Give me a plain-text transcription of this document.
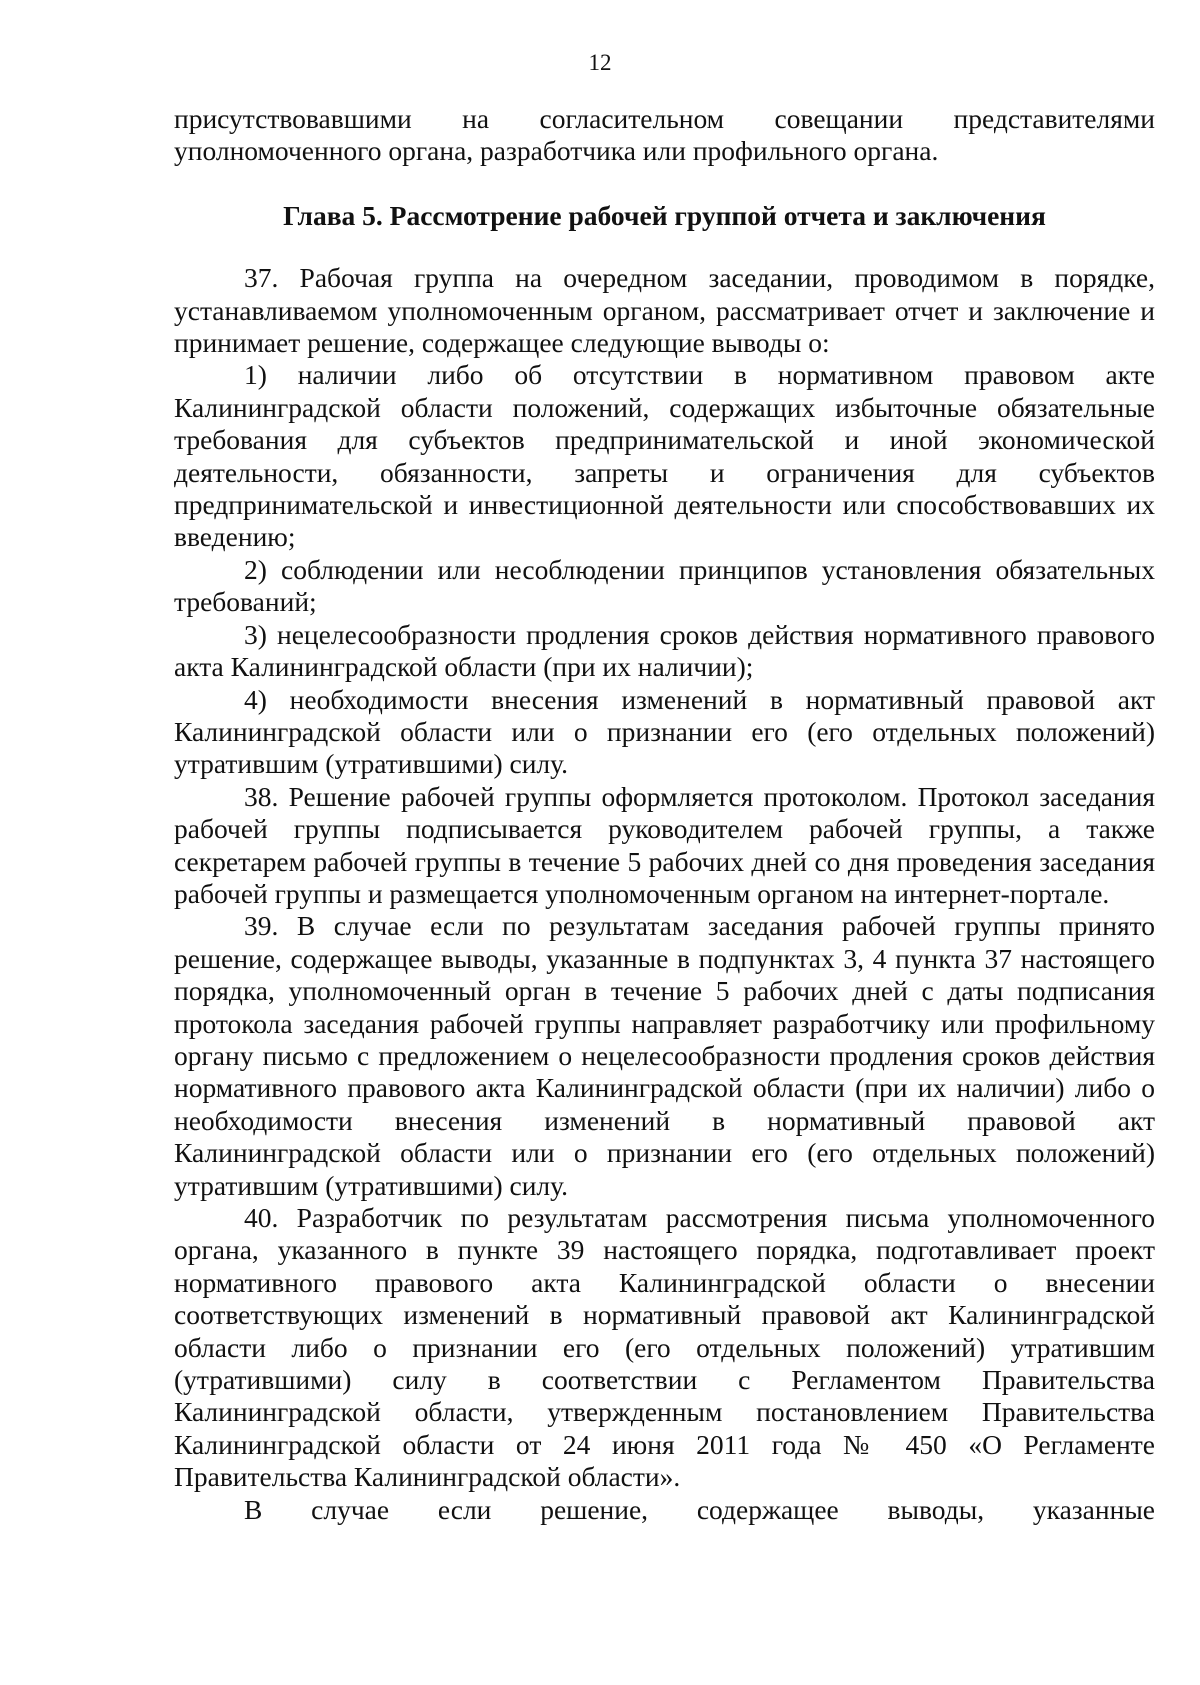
12

присутствовавшими на согласительном совещании представителями уполномоченного органа, разработчика или профильного органа.

Глава 5. Рассмотрение рабочей группой отчета и заключения

37. Рабочая группа на очередном заседании, проводимом в порядке, устанавливаемом уполномоченным органом, рассматривает отчет и заключение и принимает решение, содержащее следующие выводы о:

1) наличии либо об отсутствии в нормативном правовом акте Калининградской области положений, содержащих избыточные обязательные требования для субъектов предпринимательской и иной экономической деятельности, обязанности, запреты и ограничения для субъектов предпринимательской и инвестиционной деятельности или способствовавших их введению;

2) соблюдении или несоблюдении принципов установления обязательных требований;

3) нецелесообразности продления сроков действия нормативного правового акта Калининградской области (при их наличии);

4) необходимости внесения изменений в нормативный правовой акт Калининградской области или о признании его (его отдельных положений) утратившим (утратившими) силу.

38. Решение рабочей группы оформляется протоколом. Протокол заседания рабочей группы подписывается руководителем рабочей группы, а также секретарем рабочей группы в течение 5 рабочих дней со дня проведения заседания рабочей группы и размещается уполномоченным органом на интернет-портале.

39. В случае если по результатам заседания рабочей группы принято решение, содержащее выводы, указанные в подпунктах 3, 4 пункта 37 настоящего порядка, уполномоченный орган в течение 5 рабочих дней с даты подписания протокола заседания рабочей группы направляет разработчику или профильному органу письмо с предложением о нецелесообразности продления сроков действия нормативного правового акта Калининградской области (при их наличии) либо о необходимости внесения изменений в нормативный правовой акт Калининградской области или о признании его (его отдельных положений) утратившим (утратившими) силу.

40. Разработчик по результатам рассмотрения письма уполномоченного органа, указанного в пункте 39 настоящего порядка, подготавливает проект нормативного правового акта Калининградской области о внесении соответствующих изменений в нормативный правовой акт Калининградской области либо о признании его (его отдельных положений) утратившим (утратившими) силу в соответствии с Регламентом Правительства Калининградской области, утвержденным постановлением Правительства Калининградской области от 24 июня 2011 года № 450 «О Регламенте Правительства Калининградской области».

В случае если решение, содержащее выводы, указанные
